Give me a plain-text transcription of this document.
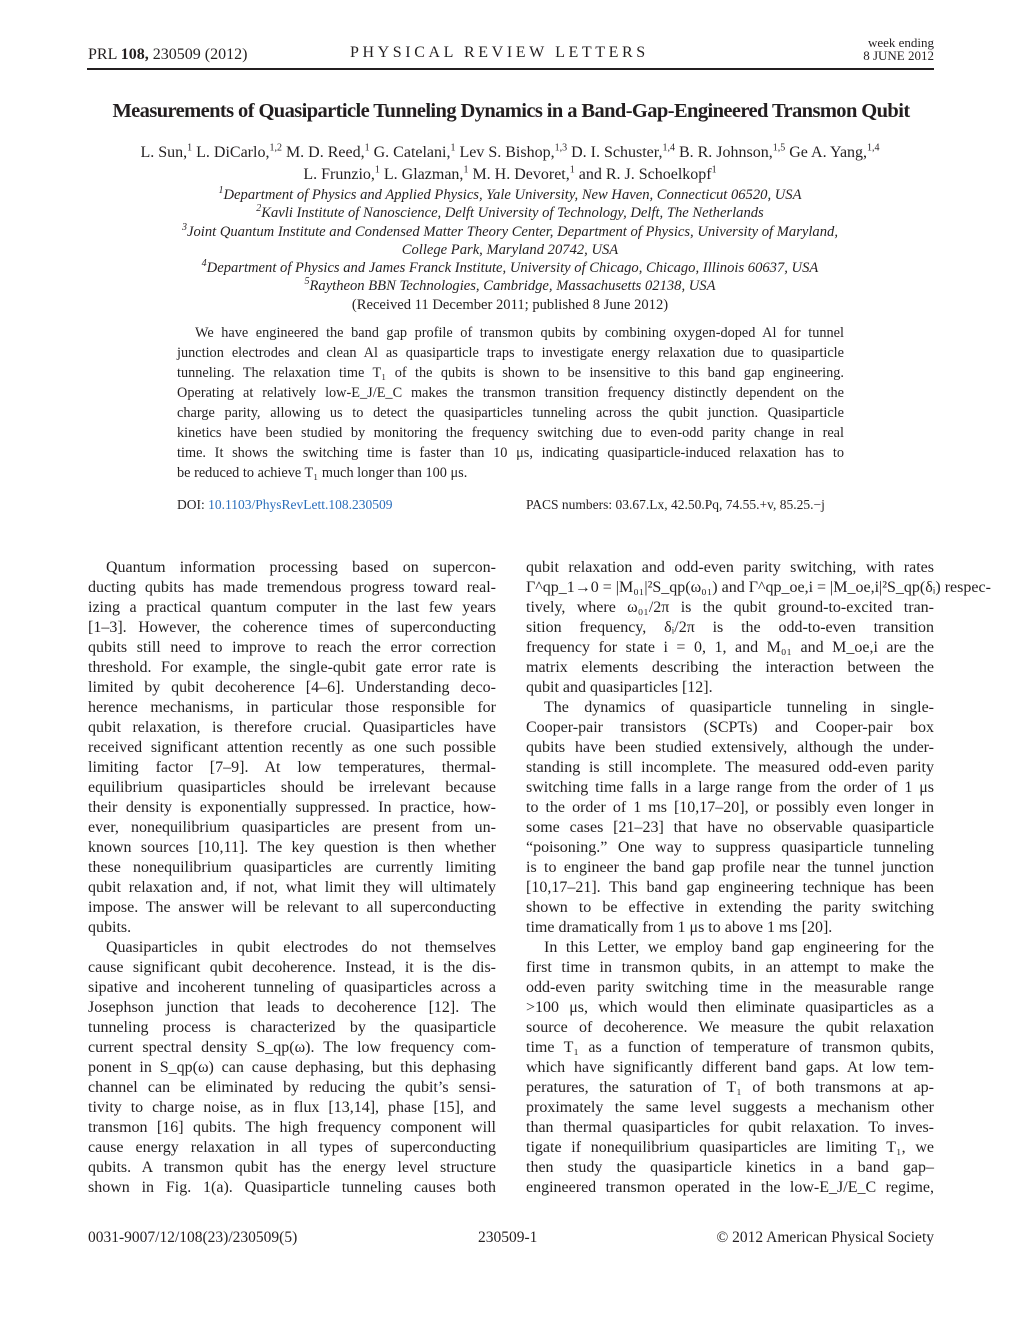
PRL 108, 230509 (2012)	PHYSICAL REVIEW LETTERS
week ending
8 JUNE 2012
Measurements of Quasiparticle Tunneling Dynamics in a Band-Gap-Engineered Transmon Qubit
L. Sun,$^1$ L. DiCarlo,$^{1,2}$ M. D. Reed,$^1$ G. Catelani,$^1$ Lev S. Bishop,$^{1,3}$ D. I. Schuster,$^{1,4}$ B. R. Johnson,$^{1,5}$ Ge A. Yang,$^{1,4}$
L. Frunzio,$^1$ L. Glazman,$^1$ M. H. Devoret,$^1$ and R. J. Schoelkopf$^1$
$^1$Department of Physics and Applied Physics, Yale University, New Haven, Connecticut 06520, USA
$^2$Kavli Institute of Nanoscience, Delft University of Technology, Delft, The Netherlands
$^3$Joint Quantum Institute and Condensed Matter Theory Center, Department of Physics, University of Maryland,
College Park, Maryland 20742, USA
$^4$Department of Physics and James Franck Institute, University of Chicago, Chicago, Illinois 60637, USA
$^5$Raytheon BBN Technologies, Cambridge, Massachusetts 02138, USA
(Received 11 December 2011; published 8 June 2012)
We have engineered the band gap profile of transmon qubits by combining oxygen-doped Al for tunnel
junction electrodes and clean Al as quasiparticle traps to investigate energy relaxation due to quasiparticle
tunneling. The relaxation time T₁ of the qubits is shown to be insensitive to this band gap engineering.
Operating at relatively low-E_J/E_C makes the transmon transition frequency distinctly dependent on the
charge parity, allowing us to detect the quasiparticles tunneling across the qubit junction. Quasiparticle
kinetics have been studied by monitoring the frequency switching due to even-odd parity change in real
time. It shows the switching time is faster than 10 μs, indicating quasiparticle-induced relaxation has to
be reduced to achieve T₁ much longer than 100 μs.
DOI: 10.1103/PhysRevLett.108.230509	PACS numbers: 03.67.Lx, 42.50.Pq, 74.55.+v, 85.25.−j
Quantum information processing based on supercon-
ducting qubits has made tremendous progress toward real-
izing a practical quantum computer in the last few years
[1–3]. However, the coherence times of superconducting
qubits still need to improve to reach the error correction
threshold. For example, the single-qubit gate error rate is
limited by qubit decoherence [4–6]. Understanding deco-
herence mechanisms, in particular those responsible for
qubit relaxation, is therefore crucial. Quasiparticles have
received significant attention recently as one such possible
limiting factor [7–9]. At low temperatures, thermal-
equilibrium quasiparticles should be irrelevant because
their density is exponentially suppressed. In practice, how-
ever, nonequilibrium quasiparticles are present from un-
known sources [10,11]. The key question is then whether
these nonequilibrium quasiparticles are currently limiting
qubit relaxation and, if not, what limit they will ultimately
impose. The answer will be relevant to all superconducting
qubits.
Quasiparticles in qubit electrodes do not themselves
cause significant qubit decoherence. Instead, it is the dis-
sipative and incoherent tunneling of quasiparticles across a
Josephson junction that leads to decoherence [12]. The
tunneling process is characterized by the quasiparticle
current spectral density S_qp(ω). The low frequency com-
ponent in S_qp(ω) can cause dephasing, but this dephasing
channel can be eliminated by reducing the qubit’s sensi-
tivity to charge noise, as in flux [13,14], phase [15], and
transmon [16] qubits. The high frequency component will
cause energy relaxation in all types of superconducting
qubits. A transmon qubit has the energy level structure
shown in Fig. 1(a). Quasiparticle tunneling causes both
qubit relaxation and odd-even parity switching, with rates
Γ^qp_1→0 = |M₀₁|²S_qp(ω₀₁) and Γ^qp_oe,i = |M_oe,i|²S_qp(δᵢ) respec-
tively, where ω₀₁/2π is the qubit ground-to-excited tran-
sition frequency, δᵢ/2π is the odd-to-even transition
frequency for state i = 0, 1, and M₀₁ and M_oe,i are the
matrix elements describing the interaction between the
qubit and quasiparticles [12].
The dynamics of quasiparticle tunneling in single-
Cooper-pair transistors (SCPTs) and Cooper-pair box
qubits have been studied extensively, although the under-
standing is still incomplete. The measured odd-even parity
switching time falls in a large range from the order of 1 μs
to the order of 1 ms [10,17–20], or possibly even longer in
some cases [21–23] that have no observable quasiparticle
“poisoning.” One way to suppress quasiparticle tunneling
is to engineer the band gap profile near the tunnel junction
[10,17–21]. This band gap engineering technique has been
shown to be effective in extending the parity switching
time dramatically from 1 μs to above 1 ms [20].
In this Letter, we employ band gap engineering for the
first time in transmon qubits, in an attempt to make the
odd-even parity switching time in the measurable range
>100 μs, which would then eliminate quasiparticles as a
source of decoherence. We measure the qubit relaxation
time T₁ as a function of temperature of transmon qubits,
which have significantly different band gaps. At low tem-
peratures, the saturation of T₁ of both transmons at ap-
proximately the same level suggests a mechanism other
than thermal quasiparticles for qubit relaxation. To inves-
tigate if nonequilibrium quasiparticles are limiting T₁, we
then study the quasiparticle kinetics in a band gap–
engineered transmon operated in the low-E_J/E_C regime,
0031-9007/12/108(23)/230509(5)	230509-1	© 2012 American Physical Society
